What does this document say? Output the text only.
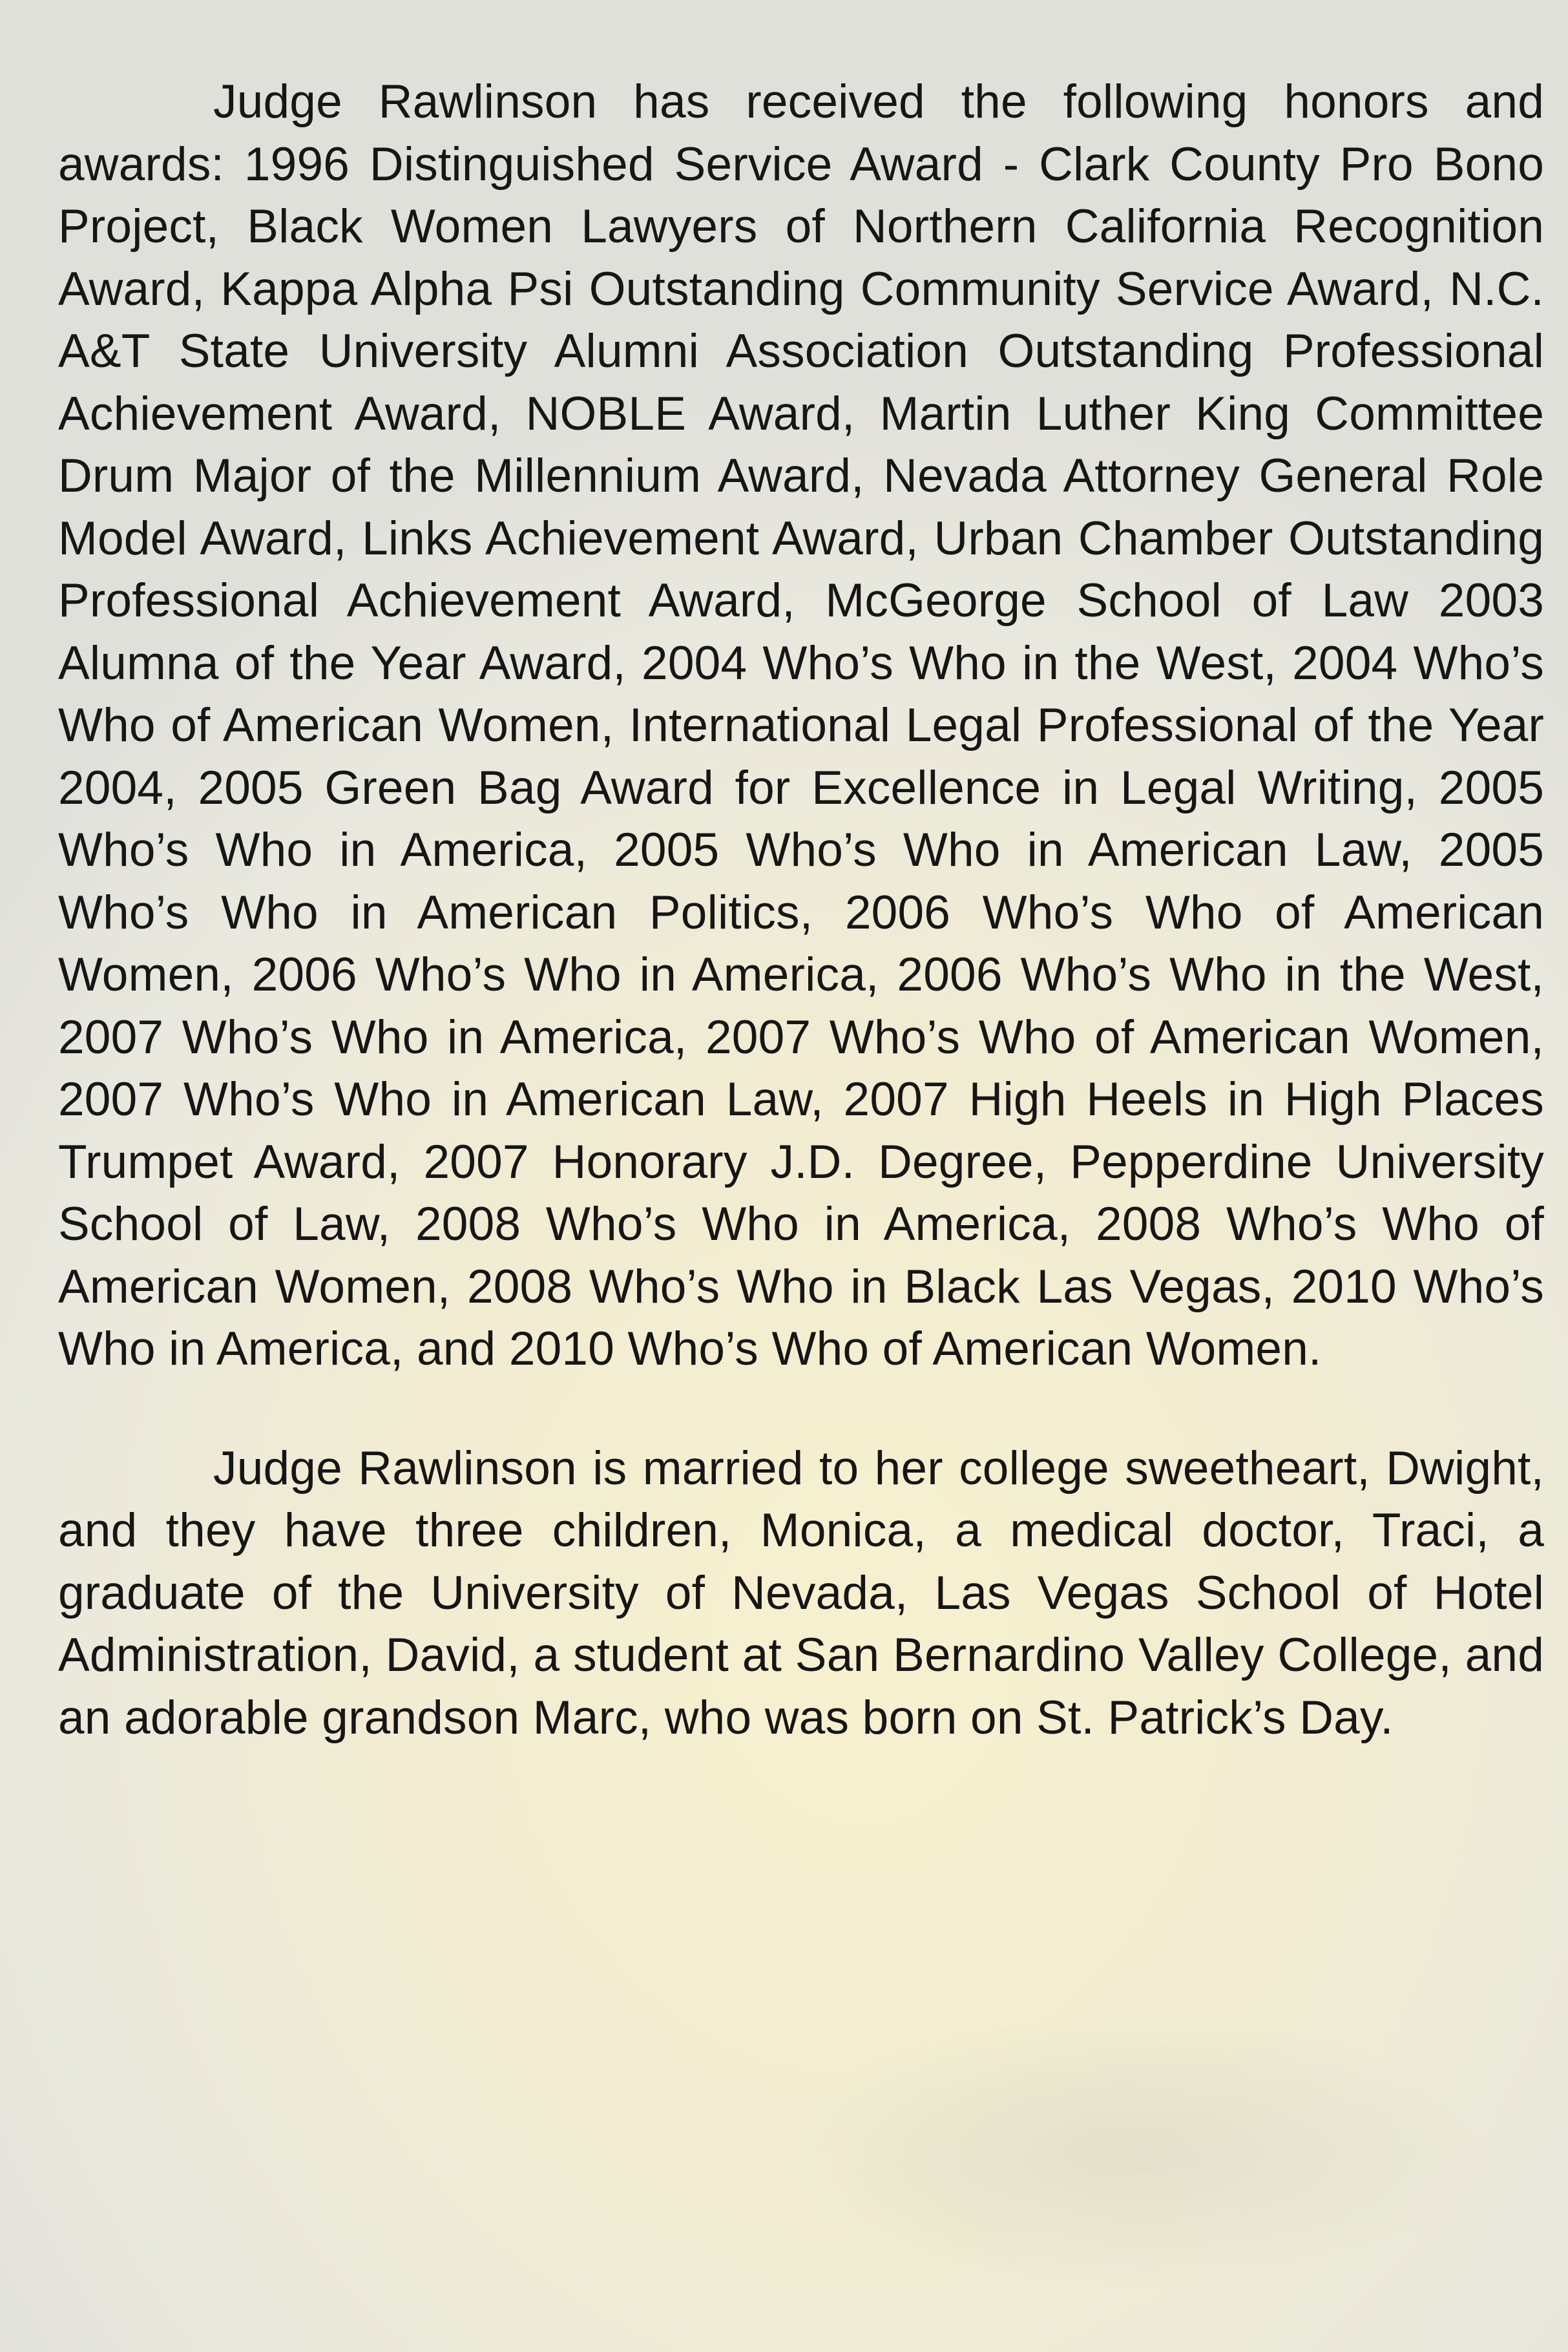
Judge Rawlinson has received the following honors and awards: 1996 Distinguished Service Award - Clark County Pro Bono Project, Black Women Lawyers of Northern California Recognition Award, Kappa Alpha Psi Outstanding Community Service Award, N.C. A&T State University Alumni Association Outstanding Professional Achievement Award, NOBLE Award, Martin Luther King Committee Drum Major of the Millennium Award, Nevada Attorney General Role Model Award, Links Achievement Award, Urban Chamber Outstanding Professional Achievement Award, McGeorge School of Law 2003 Alumna of the Year Award, 2004 Who’s Who in the West, 2004 Who’s Who of American Women, International Legal Professional of the Year 2004, 2005 Green Bag Award for Excellence in Legal Writing, 2005 Who’s Who in America, 2005 Who’s Who in American Law, 2005 Who’s Who in American Politics, 2006 Who’s Who of American Women, 2006 Who’s Who in America, 2006 Who’s Who in the West, 2007 Who’s Who in America, 2007 Who’s Who of American Women, 2007 Who’s Who in American Law, 2007 High Heels in High Places Trumpet Award, 2007 Honorary J.D. Degree, Pepperdine University School of Law, 2008 Who’s Who in America, 2008 Who’s Who of American Women, 2008 Who’s Who in Black Las Vegas, 2010 Who’s Who in America, and 2010 Who’s Who of American Women.

Judge Rawlinson is married to her college sweetheart, Dwight, and they have three children, Monica, a medical doctor, Traci, a graduate of the University of Nevada, Las Vegas School of Hotel Administration, David, a student at San Bernardino Valley College, and an adorable grandson Marc, who was born on St. Patrick’s Day.
